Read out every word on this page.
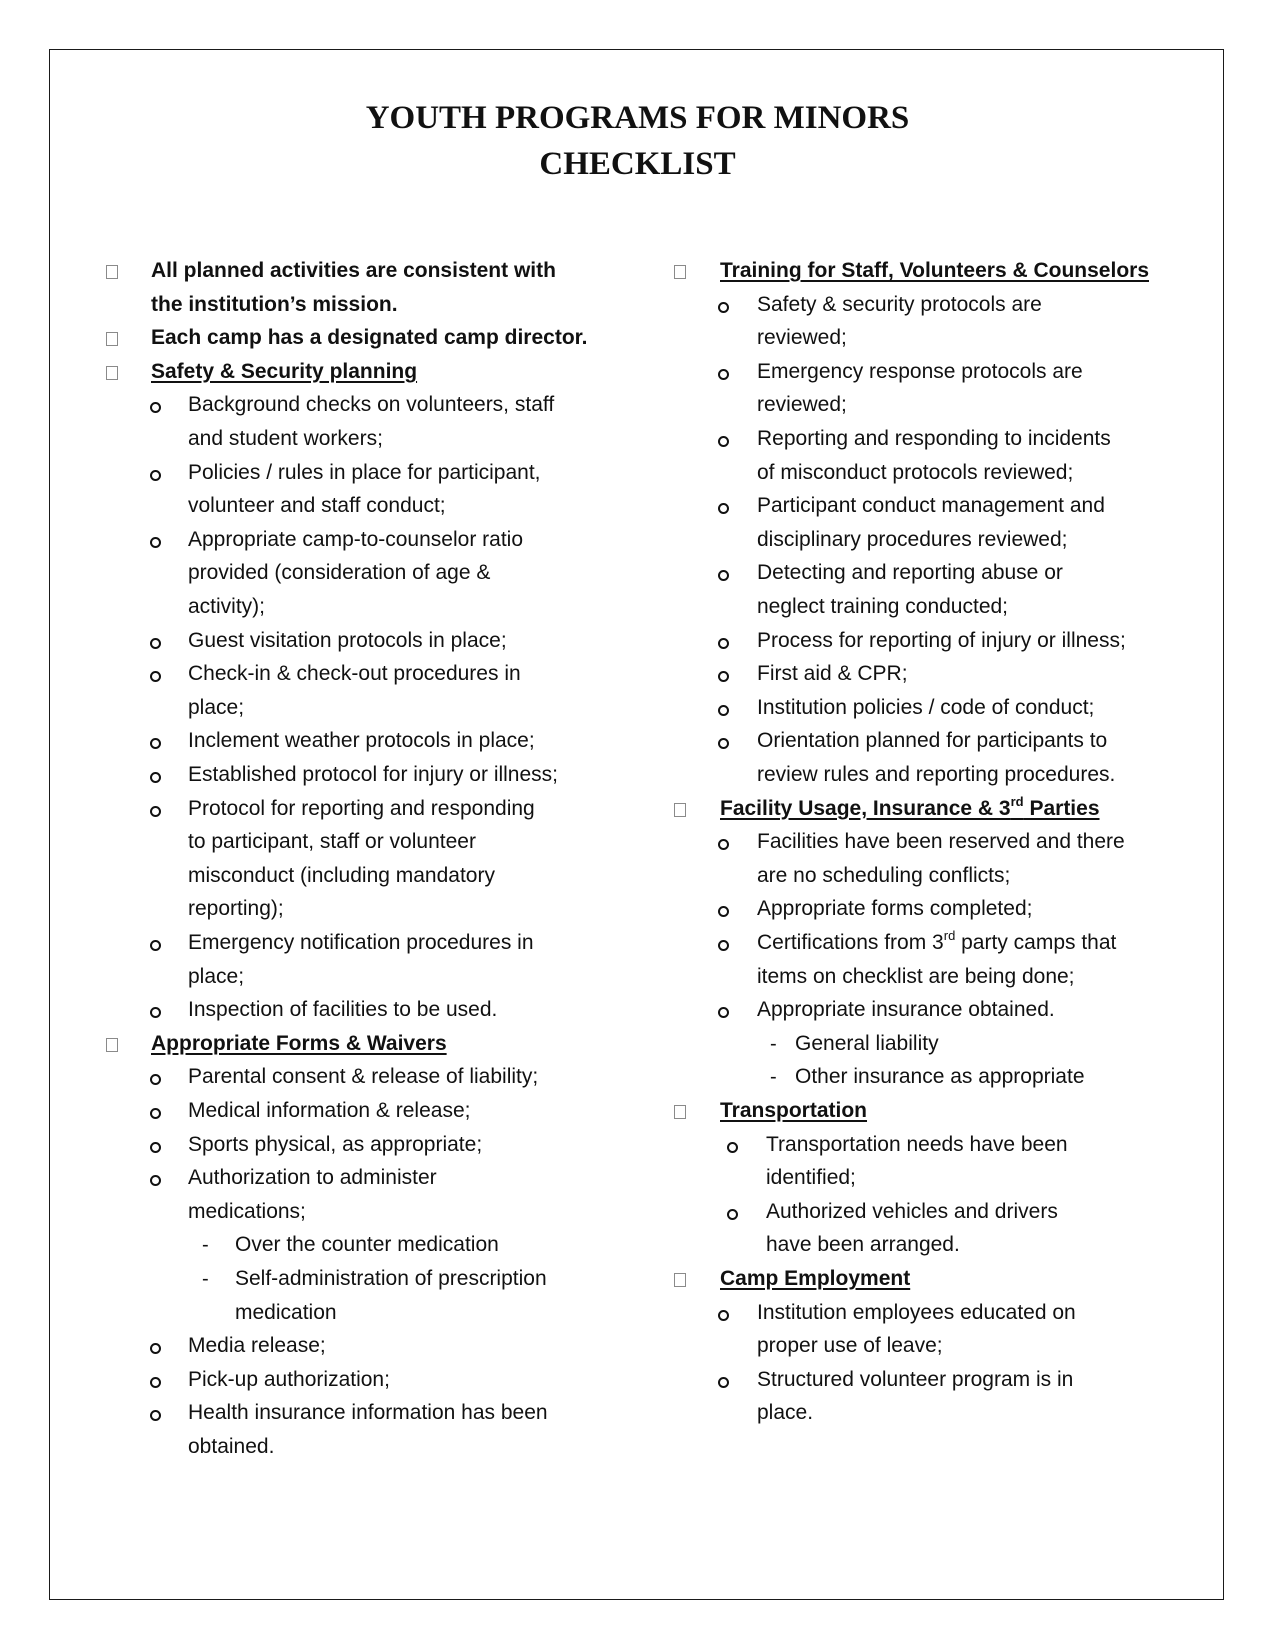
YOUTH PROGRAMS FOR MINORS
CHECKLIST
All planned activities are consistent with
the institution’s mission.
Each camp has a designated camp director.
Safety & Security planning
Background checks on volunteers, staff
and student workers;
Policies / rules in place for participant,
volunteer and staff conduct;
Appropriate camp-to-counselor ratio
provided (consideration of age &
activity);
Guest visitation protocols in place;
Check-in & check-out procedures in
place;
Inclement weather protocols in place;
Established protocol for injury or illness;
Protocol for reporting and responding
to participant, staff or volunteer
misconduct (including mandatory
reporting);
Emergency notification procedures in
place;
Inspection of facilities to be used.
Appropriate Forms & Waivers
Parental consent & release of liability;
Medical information & release;
Sports physical, as appropriate;
Authorization to administer
medications;
- Over the counter medication
- Self-administration of prescription
medication
Media release;
Pick-up authorization;
Health insurance information has been
obtained.
Training for Staff, Volunteers & Counselors
Safety & security protocols are
reviewed;
Emergency response protocols are
reviewed;
Reporting and responding to incidents
of misconduct protocols reviewed;
Participant conduct management and
disciplinary procedures reviewed;
Detecting and reporting abuse or
neglect training conducted;
Process for reporting of injury or illness;
First aid & CPR;
Institution policies / code of conduct;
Orientation planned for participants to
review rules and reporting procedures.
Facility Usage, Insurance & 3rd Parties
Facilities have been reserved and there
are no scheduling conflicts;
Appropriate forms completed;
Certifications from 3rd party camps that
items on checklist are being done;
Appropriate insurance obtained.
- General liability
- Other insurance as appropriate
Transportation
Transportation needs have been
identified;
Authorized vehicles and drivers
have been arranged.
Camp Employment
Institution employees educated on
proper use of leave;
Structured volunteer program is in
place.
